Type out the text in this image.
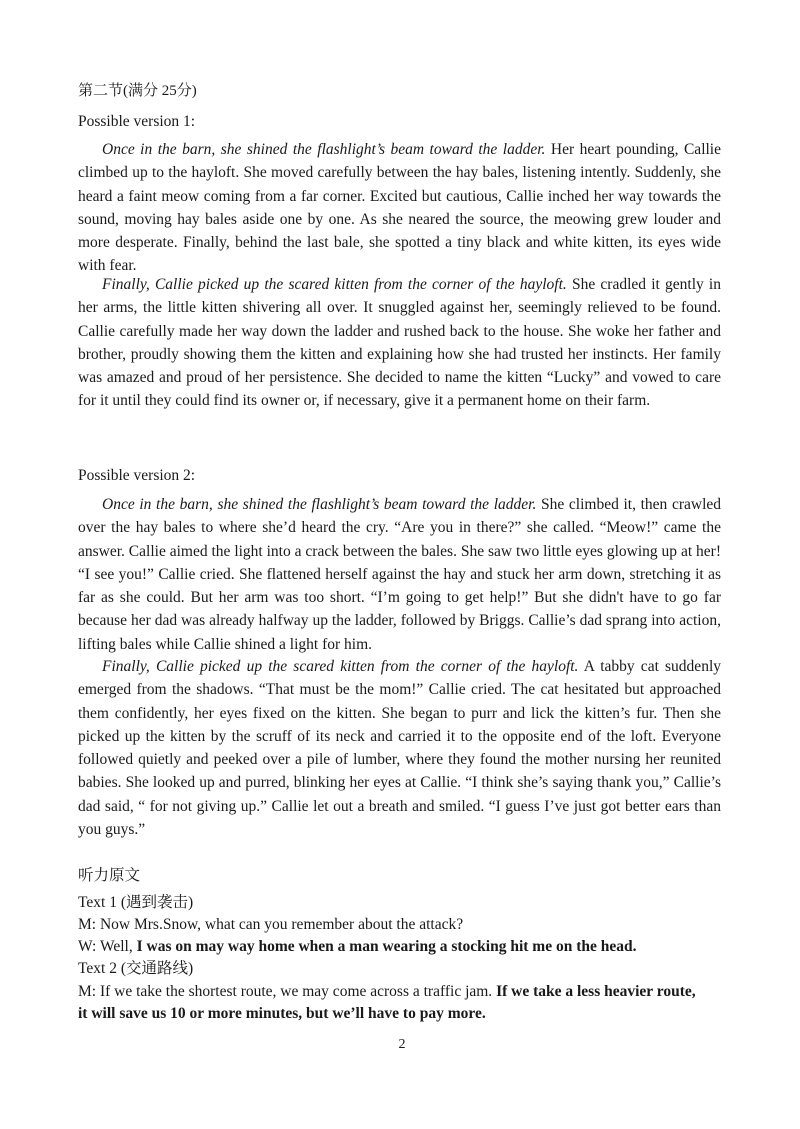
第二节(满分 25分)
Possible version 1:
Once in the barn, she shined the flashlight’s beam toward the ladder. Her heart pounding, Callie climbed up to the hayloft. She moved carefully between the hay bales, listening intently. Suddenly, she heard a faint meow coming from a far corner. Excited but cautious, Callie inched her way towards the sound, moving hay bales aside one by one. As she neared the source, the meowing grew louder and more desperate. Finally, behind the last bale, she spotted a tiny black and white kitten, its eyes wide with fear.
Finally, Callie picked up the scared kitten from the corner of the hayloft. She cradled it gently in her arms, the little kitten shivering all over. It snuggled against her, seemingly relieved to be found. Callie carefully made her way down the ladder and rushed back to the house. She woke her father and brother, proudly showing them the kitten and explaining how she had trusted her instincts. Her family was amazed and proud of her persistence. She decided to name the kitten “Lucky” and vowed to care for it until they could find its owner or, if necessary, give it a permanent home on their farm.
Possible version 2:
Once in the barn, she shined the flashlight’s beam toward the ladder. She climbed it, then crawled over the hay bales to where she’d heard the cry. “Are you in there?” she called. “Meow!” came the answer. Callie aimed the light into a crack between the bales. She saw two little eyes glowing up at her! “I see you!” Callie cried. She flattened herself against the hay and stuck her arm down, stretching it as far as she could. But her arm was too short. “I’m going to get help!” But she didn't have to go far because her dad was already halfway up the ladder, followed by Briggs. Callie’s dad sprang into action, lifting bales while Callie shined a light for him.
Finally, Callie picked up the scared kitten from the corner of the hayloft. A tabby cat suddenly emerged from the shadows. “That must be the mom!” Callie cried. The cat hesitated but approached them confidently, her eyes fixed on the kitten. She began to purr and lick the kitten’s fur. Then she picked up the kitten by the scruff of its neck and carried it to the opposite end of the loft. Everyone followed quietly and peeked over a pile of lumber, where they found the mother nursing her reunited babies. She looked up and purred, blinking her eyes at Callie. “I think she’s saying thank you,” Callie’s dad said, “ for not giving up.” Callie let out a breath and smiled. “I guess I’ve just got better ears than you guys.”
听力原文
Text 1 (遇到袭击)
M: Now Mrs.Snow, what can you remember about the attack?
W: Well, I was on may way home when a man wearing a stocking hit me on the head.
Text 2 (交通路线)
M: If we take the shortest route, we may come across a traffic jam. If we take a less heavier route,
it will save us 10 or more minutes, but we’ll have to pay more.
2
